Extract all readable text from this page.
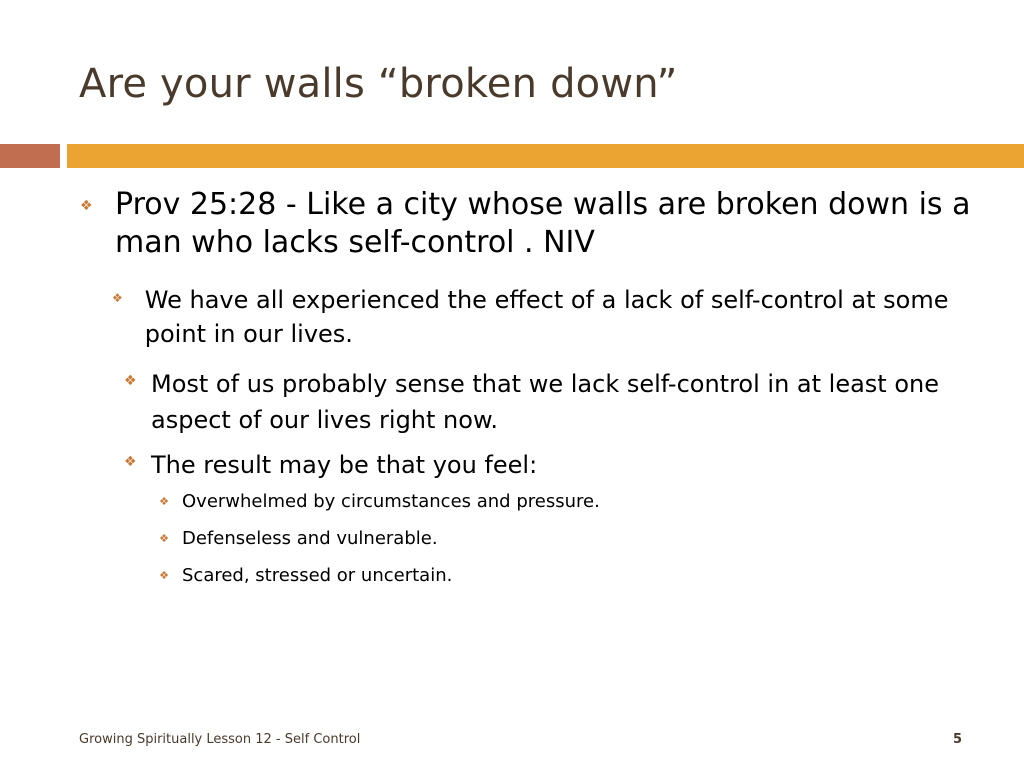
Are your walls “broken down”
❖ Prov 25:28 - Like a city whose walls are broken down is a man who lacks self-control . NIV
❖ We have all experienced the effect of a lack of self-control at some point in our lives.
❖ Most of us probably sense that we lack self-control in at least one aspect of our lives right now.
❖ The result may be that you feel:
❖ Overwhelmed by circumstances and pressure.
❖ Defenseless and vulnerable.
❖ Scared, stressed or uncertain.
Growing Spiritually Lesson 12 - Self Control	5
